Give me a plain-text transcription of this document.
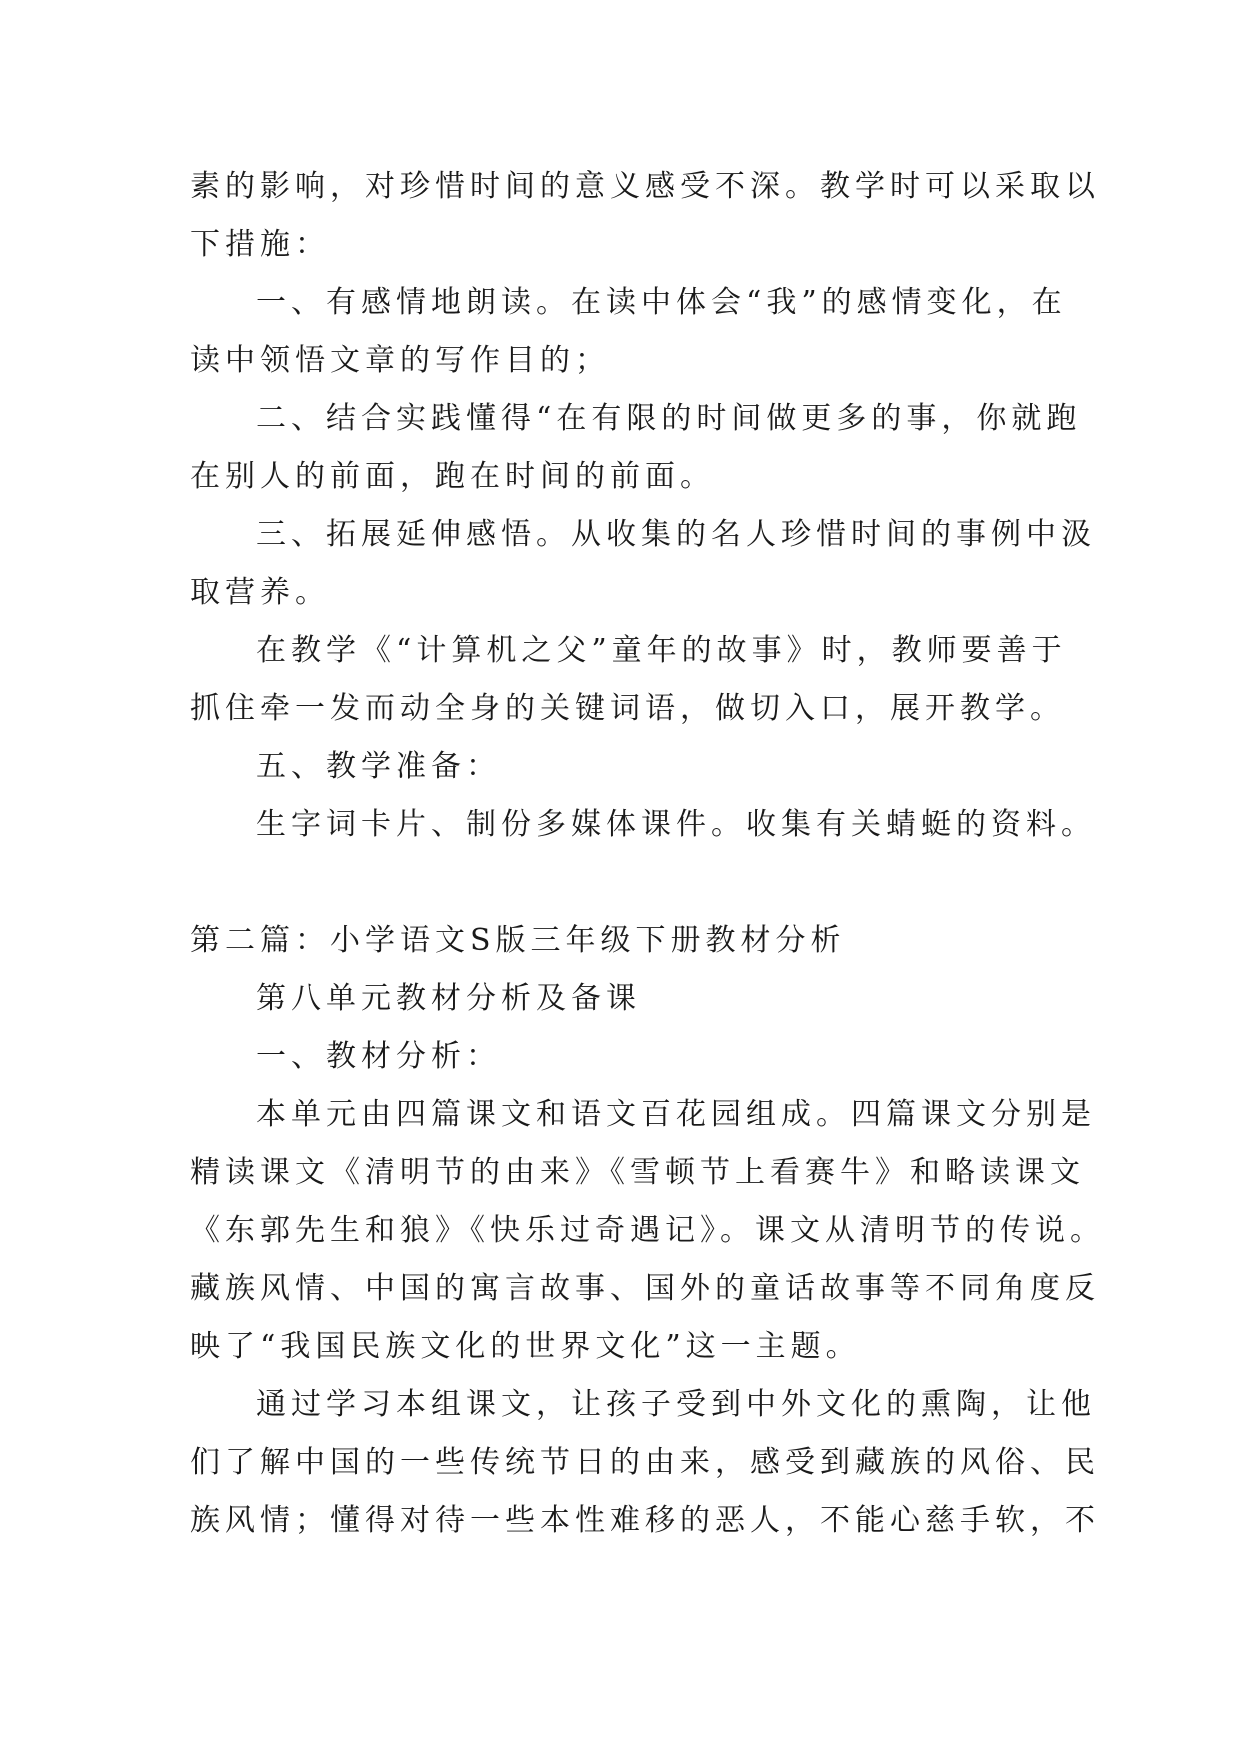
素的影响，对珍惜时间的意义感受不深。教学时可以采取以
下措施：
一、有感情地朗读。在读中体会“我”的感情变化，在
读中领悟文章的写作目的；
二、结合实践懂得“在有限的时间做更多的事，你就跑
在别人的前面，跑在时间的前面。
三、拓展延伸感悟。从收集的名人珍惜时间的事例中汲
取营养。
在教学《“计算机之父”童年的故事》时，教师要善于
抓住牵一发而动全身的关键词语，做切入口，展开教学。
五、教学准备：
生字词卡片、制份多媒体课件。收集有关蜻蜓的资料。
第二篇：小学语文S版三年级下册教材分析
第八单元教材分析及备课
一、教材分析：
本单元由四篇课文和语文百花园组成。四篇课文分别是
精读课文《清明节的由来》《雪顿节上看赛牛》和略读课文
《东郭先生和狼》《快乐过奇遇记》。课文从清明节的传说。
藏族风情、中国的寓言故事、国外的童话故事等不同角度反
映了“我国民族文化的世界文化”这一主题。
通过学习本组课文，让孩子受到中外文化的熏陶，让他
们了解中国的一些传统节日的由来，感受到藏族的风俗、民
族风情；懂得对待一些本性难移的恶人，不能心慈手软，不
